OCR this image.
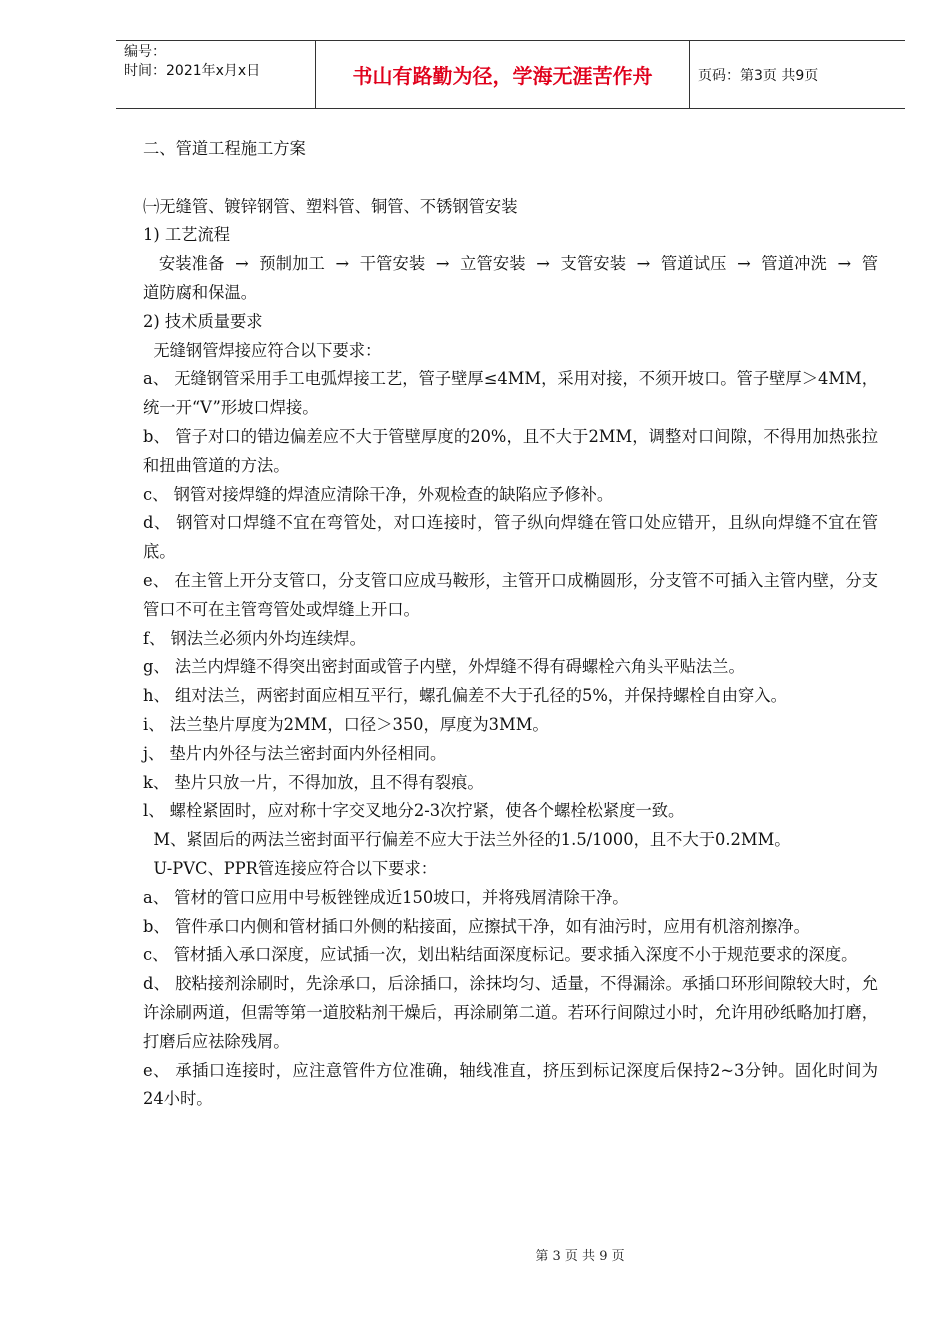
编号：
时间：2021年x月x日	书山有路勤为径，学海无涯苦作舟	页码：第3页 共9页

二、管道工程施工方案

㈠无缝管、镀锌钢管、塑料管、铜管、不锈钢管安装

1) 工艺流程

安装准备  →  预制加工  →  干管安装  →  立管安装  →  支管安装  →  管道试压  →  管道冲洗  →  管道防腐和保温。

2) 技术质量要求

无缝钢管焊接应符合以下要求：

a、 无缝钢管采用手工电弧焊接工艺，管子壁厚≤4MM，采用对接，不须开坡口。管子壁厚＞4MM，统一开“V”形坡口焊接。

b、 管子对口的错边偏差应不大于管壁厚度的20%，且不大于2MM，调整对口间隙，不得用加热张拉和扭曲管道的方法。

c、 钢管对接焊缝的焊渣应清除干净，外观检查的缺陷应予修补。

d、 钢管对口焊缝不宜在弯管处，对口连接时，管子纵向焊缝在管口处应错开，且纵向焊缝不宜在管底。

e、 在主管上开分支管口，分支管口应成马鞍形，主管开口成椭圆形，分支管不可插入主管内壁，分支管口不可在主管弯管处或焊缝上开口。

f、 钢法兰必须内外均连续焊。

g、 法兰内焊缝不得突出密封面或管子内壁，外焊缝不得有碍螺栓六角头平贴法兰。

h、 组对法兰，两密封面应相互平行，螺孔偏差不大于孔径的5%，并保持螺栓自由穿入。

i、 法兰垫片厚度为2MM，口径＞350，厚度为3MM。

j、 垫片内外径与法兰密封面内外径相同。

k、 垫片只放一片，不得加放，且不得有裂痕。

l、 螺栓紧固时，应对称十字交叉地分2-3次拧紧，使各个螺栓松紧度一致。

M、紧固后的两法兰密封面平行偏差不应大于法兰外径的1.5/1000，且不大于0.2MM。

U-PVC、PPR管连接应符合以下要求：

a、 管材的管口应用中号板锉锉成近150坡口，并将残屑清除干净。

b、 管件承口内侧和管材插口外侧的粘接面，应擦拭干净，如有油污时，应用有机溶剂擦净。

c、 管材插入承口深度，应试插一次，划出粘结面深度标记。要求插入深度不小于规范要求的深度。

d、 胶粘接剂涂刷时，先涂承口，后涂插口，涂抹均匀、适量，不得漏涂。承插口环形间隙较大时，允许涂刷两道，但需等第一道胶粘剂干燥后，再涂刷第二道。若环行间隙过小时，允许用砂纸略加打磨，打磨后应祛除残屑。

e、 承插口连接时，应注意管件方位准确，轴线准直，挤压到标记深度后保持2~3分钟。固化时间为24小时。

第 3 页 共 9 页
